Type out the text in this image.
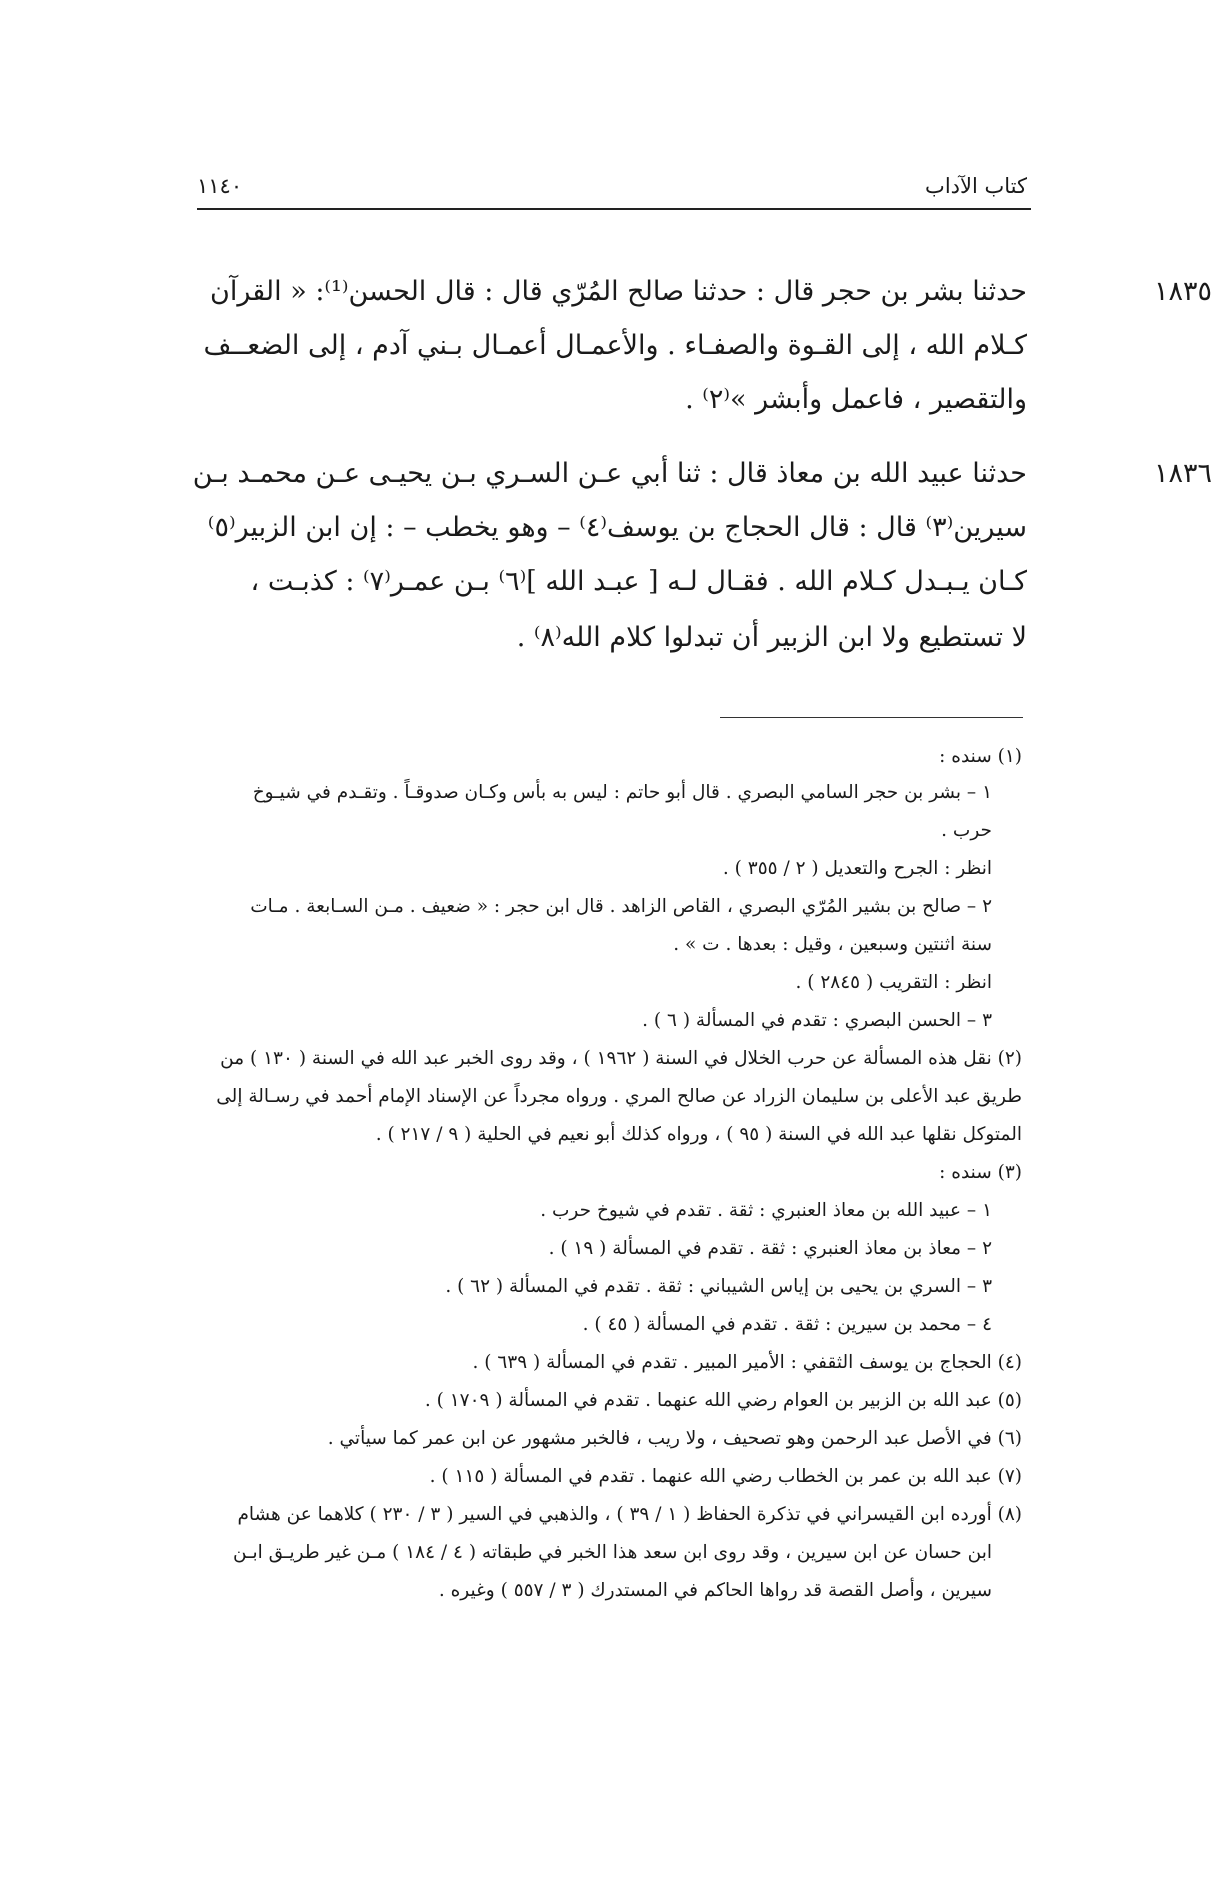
كتاب الآداب
١١٤٠
١٨٣٥
حدثنا بشر بن حجر قال : حدثنا صالح المُرّي قال : قال الحسن⁽¹⁾: « القرآن
كـلام الله ، إلى القـوة والصفـاء . والأعمـال أعمـال بـني آدم ، إلى الضعــف
والتقصير ، فاعمل وأبشر »⁽٢⁾ .
١٨٣٦
حدثنا عبيد الله بن معاذ قال : ثنا أبي عـن السـري بـن يحيـى عـن محمـد بـن
سيرين⁽٣⁾ قال : قال الحجاج بن يوسف⁽٤⁾ – وهو يخطب – : إن ابن الزبير⁽٥⁾
كـان يـبـدل كـلام الله . فقـال لـه [ عبـد الله ]⁽٦⁾ بـن عمـر⁽٧⁾ : كذبـت ،
لا تستطيع ولا ابن الزبير أن تبدلوا كلام الله⁽٨⁾ .
(١) سنده :
١ – بشر بن حجر السامي البصري . قال أبو حاتم : ليس به بأس وكـان صدوقـاً . وتقـدم في شيـوخ
حرب .
انظر : الجرح والتعديل ( ٢ / ٣٥٥ ) .
٢ – صالح بن بشير المُرّي البصري ، القاص الزاهد . قال ابن حجر : « ضعيف . مـن السـابعة . مـات
سنة اثنتين وسبعين ، وقيل : بعدها . ت » .
انظر : التقريب ( ٢٨٤٥ ) .
٣ – الحسن البصري : تقدم في المسألة ( ٦ ) .
(٢) نقل هذه المسألة عن حرب الخلال في السنة ( ١٩٦٢ ) ، وقد روى الخبر عبد الله في السنة ( ١٣٠ ) من
طريق عبد الأعلى بن سليمان الزراد عن صالح المري . ورواه مجرداً عن الإسناد الإمام أحمد في رسـالة إلى
المتوكل نقلها عبد الله في السنة ( ٩٥ ) ، ورواه كذلك أبو نعيم في الحلية ( ٩ / ٢١٧ ) .
(٣) سنده :
١ – عبيد الله بن معاذ العنبري : ثقة . تقدم في شيوخ حرب .
٢ – معاذ بن معاذ العنبري : ثقة . تقدم في المسألة ( ١٩ ) .
٣ – السري بن يحيى بن إياس الشيباني : ثقة . تقدم في المسألة ( ٦٢ ) .
٤ – محمد بن سيرين : ثقة . تقدم في المسألة ( ٤٥ ) .
(٤) الحجاج بن يوسف الثقفي : الأمير المبير . تقدم في المسألة ( ٦٣٩ ) .
(٥) عبد الله بن الزبير بن العوام رضي الله عنهما . تقدم في المسألة ( ١٧٠٩ ) .
(٦) في الأصل عبد الرحمن وهو تصحيف ، ولا ريب ، فالخبر مشهور عن ابن عمر كما سيأتي .
(٧) عبد الله بن عمر بن الخطاب رضي الله عنهما . تقدم في المسألة ( ١١٥ ) .
(٨) أورده ابن القيسراني في تذكرة الحفاظ ( ١ / ٣٩ ) ، والذهبي في السير ( ٣ / ٢٣٠ ) كلاهما عن هشام
ابن حسان عن ابن سيرين ، وقد روى ابن سعد هذا الخبر في طبقاته ( ٤ / ١٨٤ ) مـن غير طريـق ابـن
سيرين ، وأصل القصة قد رواها الحاكم في المستدرك ( ٣ / ٥٥٧ ) وغيره .
